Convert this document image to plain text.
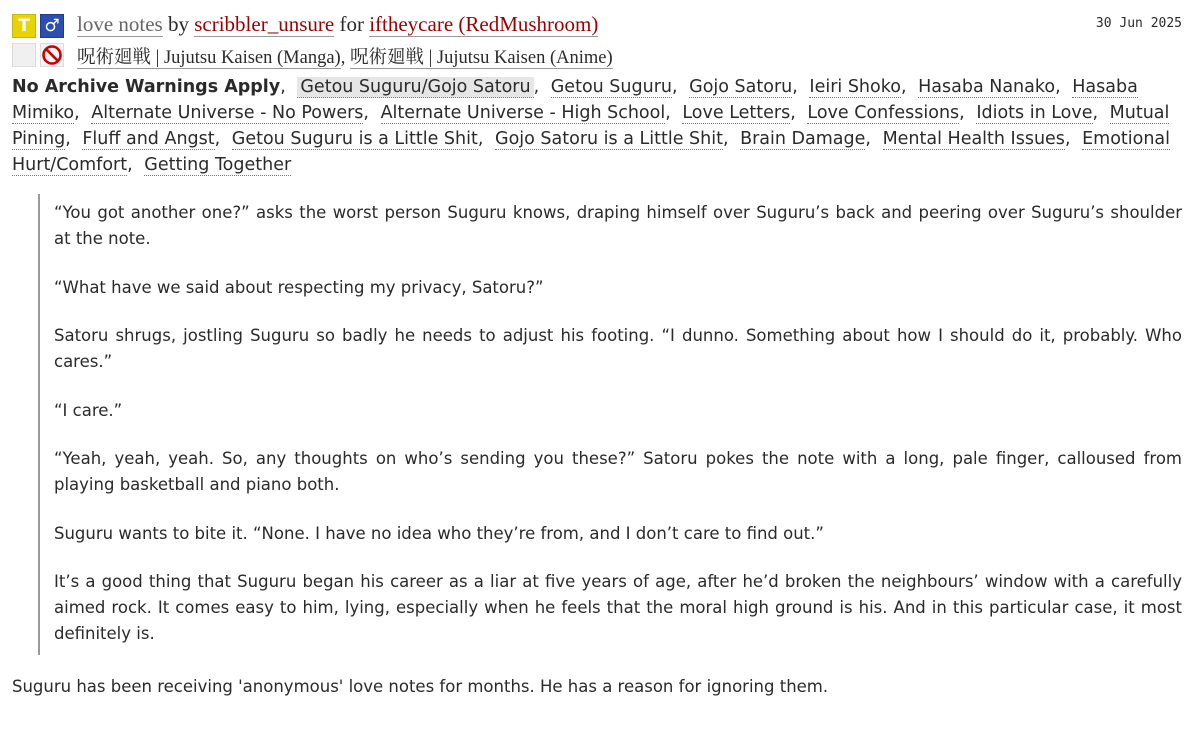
T ♂ love notes by scribbler_unsure for iftheycare (RedMushroom)
呪術廻戦 | Jujutsu Kaisen (Manga), 呪術廻戦 | Jujutsu Kaisen (Anime)
30 Jun 2025
No Archive Warnings Apply, Getou Suguru/Gojo Satoru , Getou Suguru, Gojo Satoru, Ieiri Shoko, Hasaba Nanako, Hasaba Mimiko, Alternate Universe - No Powers, Alternate Universe - High School, Love Letters, Love Confessions, Idiots in Love, Mutual Pining, Fluff and Angst, Getou Suguru is a Little Shit, Gojo Satoru is a Little Shit, Brain Damage, Mental Health Issues, Emotional Hurt/Comfort, Getting Together

“You got another one?” asks the worst person Suguru knows, draping himself over Suguru’s back and peering over Suguru’s shoulder at the note.

“What have we said about respecting my privacy, Satoru?”

Satoru shrugs, jostling Suguru so badly he needs to adjust his footing. “I dunno. Something about how I should do it, probably. Who cares.”

“I care.”

“Yeah, yeah, yeah. So, any thoughts on who’s sending you these?” Satoru pokes the note with a long, pale finger, calloused from playing basketball and piano both.

Suguru wants to bite it. “None. I have no idea who they’re from, and I don’t care to find out.”

It’s a good thing that Suguru began his career as a liar at five years of age, after he’d broken the neighbours’ window with a carefully aimed rock. It comes easy to him, lying, especially when he feels that the moral high ground is his. And in this particular case, it most definitely is.

Suguru has been receiving 'anonymous' love notes for months. He has a reason for ignoring them.
